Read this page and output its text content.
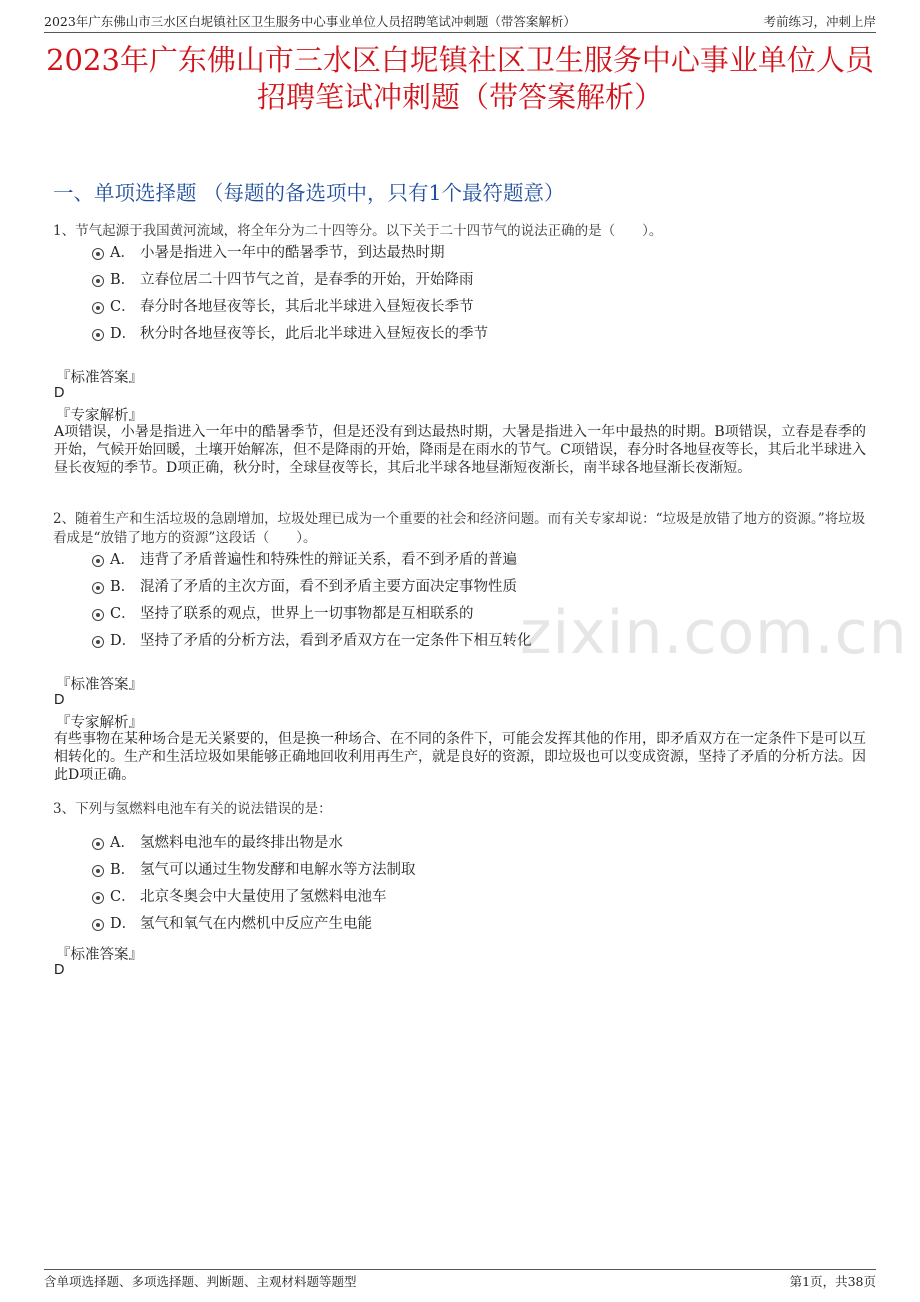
2023年广东佛山市三水区白坭镇社区卫生服务中心事业单位人员招聘笔试冲刺题（带答案解析）	考前练习，冲刺上岸
2023年广东佛山市三水区白坭镇社区卫生服务中心事业单位人员招聘笔试冲刺题（带答案解析）
一、单项选择题 （每题的备选项中，只有1个最符题意）
zixin.com.cn
1、节气起源于我国黄河流域，将全年分为二十四等分。以下关于二十四节气的说法正确的是（　　）。
A． 小暑是指进入一年中的酷暑季节，到达最热时期
B． 立春位居二十四节气之首，是春季的开始，开始降雨
C． 春分时各地昼夜等长，其后北半球进入昼短夜长季节
D． 秋分时各地昼夜等长，此后北半球进入昼短夜长的季节
『标准答案』
D
『专家解析』
A项错误，小暑是指进入一年中的酷暑季节，但是还没有到达最热时期，大暑是指进入一年中最热的时期。B项错误，立春是春季的开始，气候开始回暖，土壤开始解冻，但不是降雨的开始，降雨是在雨水的节气。C项错误，春分时各地昼夜等长，其后北半球进入昼长夜短的季节。D项正确，秋分时，全球昼夜等长，其后北半球各地昼渐短夜渐长，南半球各地昼渐长夜渐短。
2、随着生产和生活垃圾的急剧增加，垃圾处理已成为一个重要的社会和经济问题。而有关专家却说：“垃圾是放错了地方的资源。”将垃圾看成是“放错了地方的资源”这段话（　　）。
A． 违背了矛盾普遍性和特殊性的辩证关系，看不到矛盾的普遍
B． 混淆了矛盾的主次方面，看不到矛盾主要方面决定事物性质
C． 坚持了联系的观点，世界上一切事物都是互相联系的
D． 坚持了矛盾的分析方法，看到矛盾双方在一定条件下相互转化
『标准答案』
D
『专家解析』
有些事物在某种场合是无关紧要的，但是换一种场合、在不同的条件下，可能会发挥其他的作用，即矛盾双方在一定条件下是可以互相转化的。生产和生活垃圾如果能够正确地回收利用再生产，就是良好的资源，即垃圾也可以变成资源，坚持了矛盾的分析方法。因此D项正确。
3、下列与氢燃料电池车有关的说法错误的是：
A． 氢燃料电池车的最终排出物是水
B． 氢气可以通过生物发酵和电解水等方法制取
C． 北京冬奥会中大量使用了氢燃料电池车
D． 氢气和氧气在内燃机中反应产生电能
『标准答案』
D
含单项选择题、多项选择题、判断题、主观材料题等题型	第1页，共38页
